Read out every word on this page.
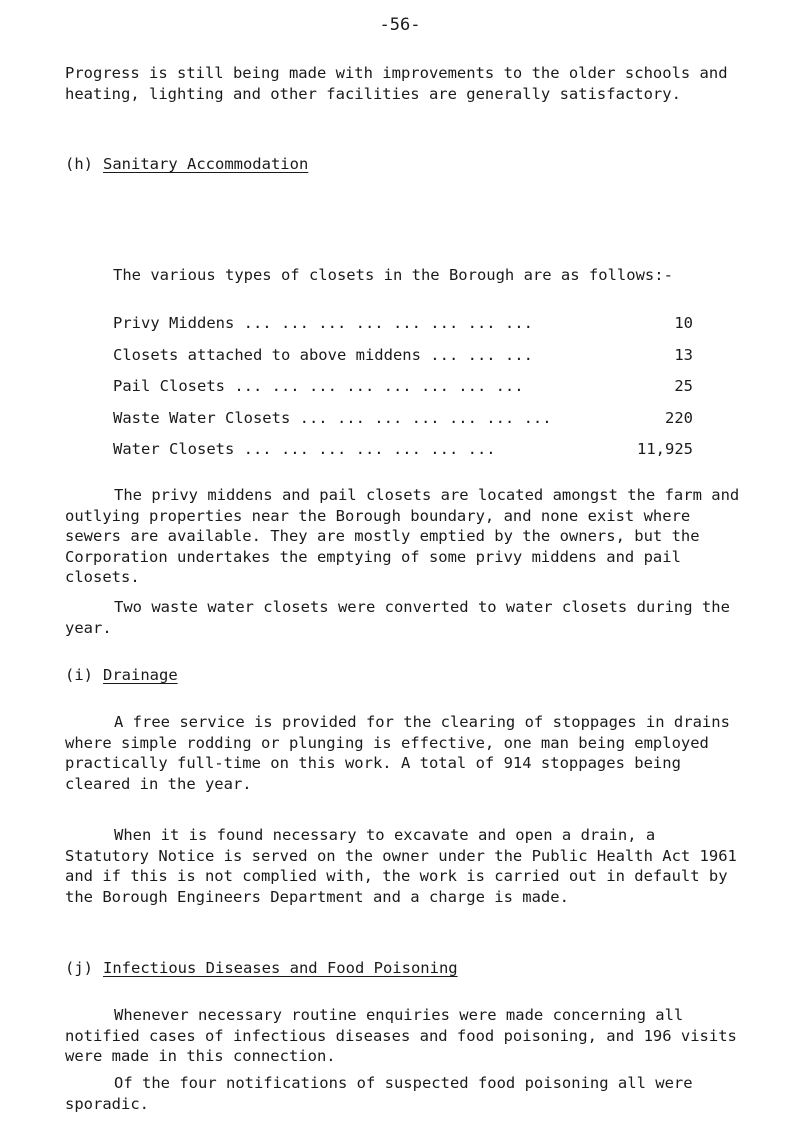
-56-

Progress is still being made with improvements to the older schools and heating, lighting and other facilities are generally satisfactory.

(h) Sanitary Accommodation
The various types of closets in the Borough are as follows:-
Privy Middens ... ... ... ... ... ... ... ...	10
Closets attached to above middens ... ... ...	13
Pail Closets ... ... ... ... ... ... ... ...	25
Waste Water Closets ... ... ... ... ... ... ...	220
Water Closets ... ... ... ... ... ... ...	11,925

The privy middens and pail closets are located amongst the farm and outlying properties near the Borough boundary, and none exist where sewers are available. They are mostly emptied by the owners, but the Corporation undertakes the emptying of some privy middens and pail closets.

Two waste water closets were converted to water closets during the year.

(i) Drainage

A free service is provided for the clearing of stoppages in drains where simple rodding or plunging is effective, one man being employed practically full-time on this work. A total of 914 stoppages being cleared in the year.

When it is found necessary to excavate and open a drain, a Statutory Notice is served on the owner under the Public Health Act 1961 and if this is not complied with, the work is carried out in default by the Borough Engineers Department and a charge is made.

(j) Infectious Diseases and Food Poisoning

Whenever necessary routine enquiries were made concerning all notified cases of infectious diseases and food poisoning, and 196 visits were made in this connection.

Of the four notifications of suspected food poisoning all were sporadic.
